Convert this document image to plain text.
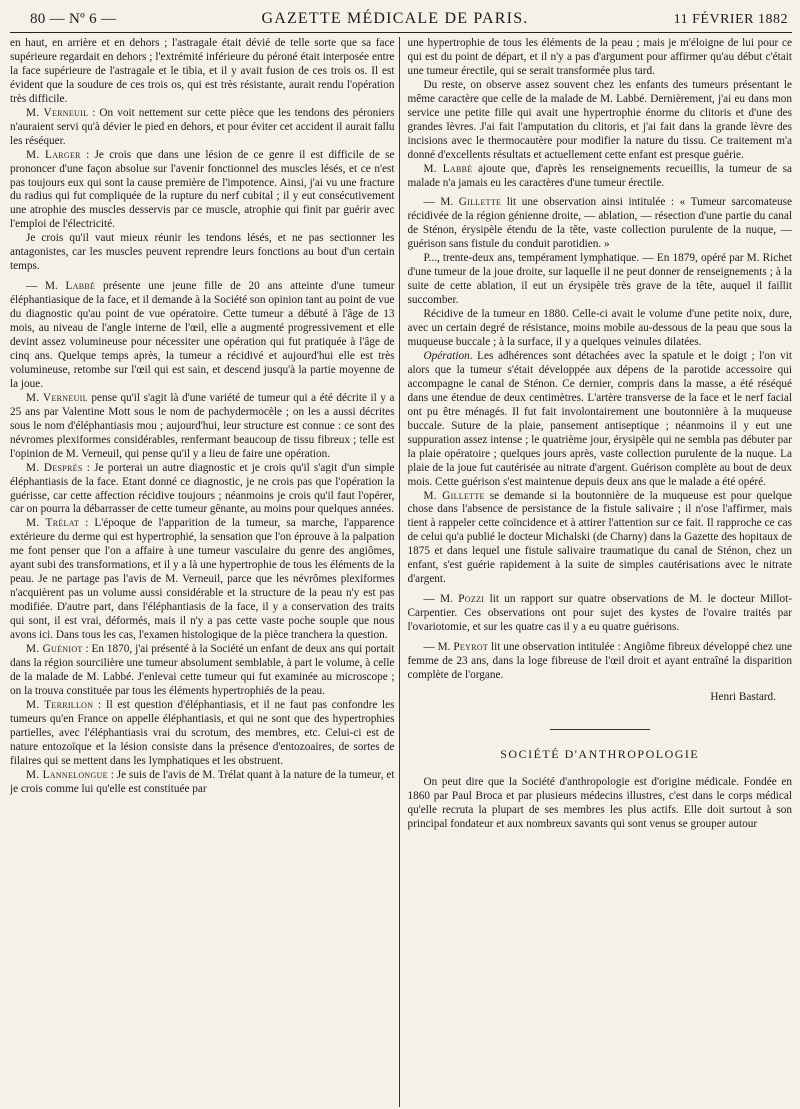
80 — Nº 6 —	GAZETTE MÉDICALE DE PARIS.	11 FÉVRIER 1882

en haut, en arrière et en dehors ; l'astragale était dévié de telle sorte que sa face supérieure regardait en dehors ; l'extrémité inférieure du péroné était interposée entre la face supérieure de l'astragale et le tibia, et il y avait fusion de ces trois os. Il est évident que la soudure de ces trois os, qui est très résistante, aurait rendu l'opération très difficile.

M. Verneuil : On voit nettement sur cette pièce que les tendons des péroniers n'auraient servi qu'à dévier le pied en dehors, et pour éviter cet accident il aurait fallu les réséquer.

M. Larger : Je crois que dans une lésion de ce genre il est difficile de se prononcer d'une façon absolue sur l'avenir fonctionnel des muscles lésés, et ce n'est pas toujours eux qui sont la cause première de l'impotence. Ainsi, j'ai vu une fracture du radius qui fut compliquée de la rupture du nerf cubital ; il y eut consécutivement une atrophie des muscles desservis par ce muscle, atrophie qui finit par guérir avec l'emploi de l'électricité.

Je crois qu'il vaut mieux réunir les tendons lésés, et ne pas sectionner les antagonistes, car les muscles peuvent reprendre leurs fonctions au bout d'un certain temps.

— M. Labbé présente une jeune fille de 20 ans atteinte d'une tumeur éléphantiasique de la face, et il demande à la Société son opinion tant au point de vue du diagnostic qu'au point de vue opératoire. Cette tumeur a débuté à l'âge de 13 mois, au niveau de l'angle interne de l'œil, elle a augmenté progressivement et elle devint assez volumineuse pour nécessiter une opération qui fut pratiquée à l'âge de cinq ans. Quelque temps après, la tumeur a récidivé et aujourd'hui elle est très volumineuse, retombe sur l'œil qui est sain, et descend jusqu'à la partie moyenne de la joue.

M. Verneuil pense qu'il s'agit là d'une variété de tumeur qui a été décrite il y a 25 ans par Valentine Mott sous le nom de pachydermocèle ; on les a aussi décrites sous le nom d'éléphantiasis mou ; aujourd'hui, leur structure est connue : ce sont des névromes plexiformes considérables, renfermant beaucoup de tissu fibreux ; telle est l'opinion de M. Verneuil, qui pense qu'il y a lieu de faire une opération.

M. Desprès : Je porterai un autre diagnostic et je crois qu'il s'agit d'un simple éléphantiasis de la face. Etant donné ce diagnostic, je ne crois pas que l'opération la guérisse, car cette affection récidive toujours ; néanmoins je crois qu'il faut l'opérer, car on pourra la débarrasser de cette tumeur gênante, au moins pour quelques années.

M. Trélat : L'époque de l'apparition de la tumeur, sa marche, l'apparence extérieure du derme qui est hypertrophié, la sensation que l'on éprouve à la palpation me font penser que l'on a affaire à une tumeur vasculaire du genre des angiômes, ayant subi des transformations, et il y a là une hypertrophie de tous les éléments de la peau. Je ne partage pas l'avis de M. Verneuil, parce que les névrômes plexiformes n'acquièrent pas un volume aussi considérable et la structure de la peau n'y est pas modifiée. D'autre part, dans l'éléphantiasis de la face, il y a conservation des traits qui sont, il est vrai, déformés, mais il n'y a pas cette vaste poche souple que nous avons ici. Dans tous les cas, l'examen histologique de la pièce tranchera la question.

M. Guéniot : En 1870, j'ai présenté à la Société un enfant de deux ans qui portait dans la région sourcilière une tumeur absolument semblable, à part le volume, à celle de la malade de M. Labbé. J'enlevai cette tumeur qui fut examinée au microscope ; on la trouva constituée par tous les éléments hypertrophiés de la peau.

M. Terrillon : Il est question d'éléphantiasis, et il ne faut pas confondre les tumeurs qu'en France on appelle éléphantiasis, et qui ne sont que des hypertrophies partielles, avec l'éléphantiasis vrai du scrotum, des membres, etc. Celui-ci est de nature entozoïque et la lésion consiste dans la présence d'entozoaires, de sortes de filaires qui se mettent dans les lymphatiques et les obstruent.

M. Lannelongue : Je suis de l'avis de M. Trélat quant à la nature de la tumeur, et je crois comme lui qu'elle est constituée par

une hypertrophie de tous les éléments de la peau ; mais je m'éloigne de lui pour ce qui est du point de départ, et il n'y a pas d'argument pour affirmer qu'au début c'était une tumeur érectile, qui se serait transformée plus tard.

Du reste, on observe assez souvent chez les enfants des tumeurs présentant le même caractère que celle de la malade de M. Labbé. Dernièrement, j'ai eu dans mon service une petite fille qui avait une hypertrophie énorme du clitoris et d'une des grandes lèvres. J'ai fait l'amputation du clitoris, et j'ai fait dans la grande lèvre des incisions avec le thermocautère pour modifier la nature du tissu. Ce traitement m'a donné d'excellents résultats et actuellement cette enfant est presque guérie.

M. Labbé ajoute que, d'après les renseignements recueillis, la tumeur de sa malade n'a jamais eu les caractères d'une tumeur érectile.

— M. Gillette lit une observation ainsi intitulée : « Tumeur sarcomateuse récidivée de la région génienne droite, — ablation, — résection d'une partie du canal de Sténon, érysipèle étendu de la tête, vaste collection purulente de la nuque, — guérison sans fistule du conduit parotidien. »

P..., trente-deux ans, tempérament lymphatique. — En 1879, opéré par M. Richet d'une tumeur de la joue droite, sur laquelle il ne peut donner de renseignements ; à la suite de cette ablation, il eut un érysipèle très grave de la tête, auquel il faillit succomber.

Récidive de la tumeur en 1880. Celle-ci avait le volume d'une petite noix, dure, avec un certain degré de résistance, moins mobile au-dessous de la peau que sous la muqueuse buccale ; à la surface, il y a quelques veinules dilatées.

Opération. Les adhérences sont détachées avec la spatule et le doigt ; l'on vit alors que la tumeur s'était développée aux dépens de la parotide accessoire qui accompagne le canal de Sténon. Ce dernier, compris dans la masse, a été réséqué dans une étendue de deux centimètres. L'artère transverse de la face et le nerf facial ont pu être ménagés. Il fut fait involontairement une boutonnière à la muqueuse buccale. Suture de la plaie, pansement antiseptique ; néanmoins il y eut une suppuration assez intense ; le quatrième jour, érysipèle qui ne sembla pas débuter par la plaie opératoire ; quelques jours après, vaste collection purulente de la nuque. La plaie de la joue fut cautérisée au nitrate d'argent. Guérison complète au bout de deux mois. Cette guérison s'est maintenue depuis deux ans que le malade a été opéré.

M. Gillette se demande si la boutonnière de la muqueuse est pour quelque chose dans l'absence de persistance de la fistule salivaire ; il n'ose l'affirmer, mais tient à rappeler cette coïncidence et à attirer l'attention sur ce fait. Il rapproche ce cas de celui qu'a publié le docteur Michalski (de Charny) dans la Gazette des hopitaux de 1875 et dans lequel une fistule salivaire traumatique du canal de Sténon, chez un enfant, s'est guérie rapidement à la suite de simples cautérisations avec le nitrate d'argent.

— M. Pozzi lit un rapport sur quatre observations de M. le docteur Millot-Carpentier. Ces observations ont pour sujet des kystes de l'ovaire traités par l'ovariotomie, et sur les quatre cas il y a eu quatre guérisons.

— M. Peyrot lit une observation intitulée : Angiôme fibreux développé chez une femme de 23 ans, dans la loge fibreuse de l'œil droit et ayant entraîné la disparition complète de l'organe.

Henri Bastard.

SOCIÉTÉ D'ANTHROPOLOGIE

On peut dire que la Société d'anthropologie est d'origine médicale. Fondée en 1860 par Paul Broca et par plusieurs médecins illustres, c'est dans le corps médical qu'elle recruta la plupart de ses membres les plus actifs. Elle doit surtout à son principal fondateur et aux nombreux savants qui sont venus se grouper autour
